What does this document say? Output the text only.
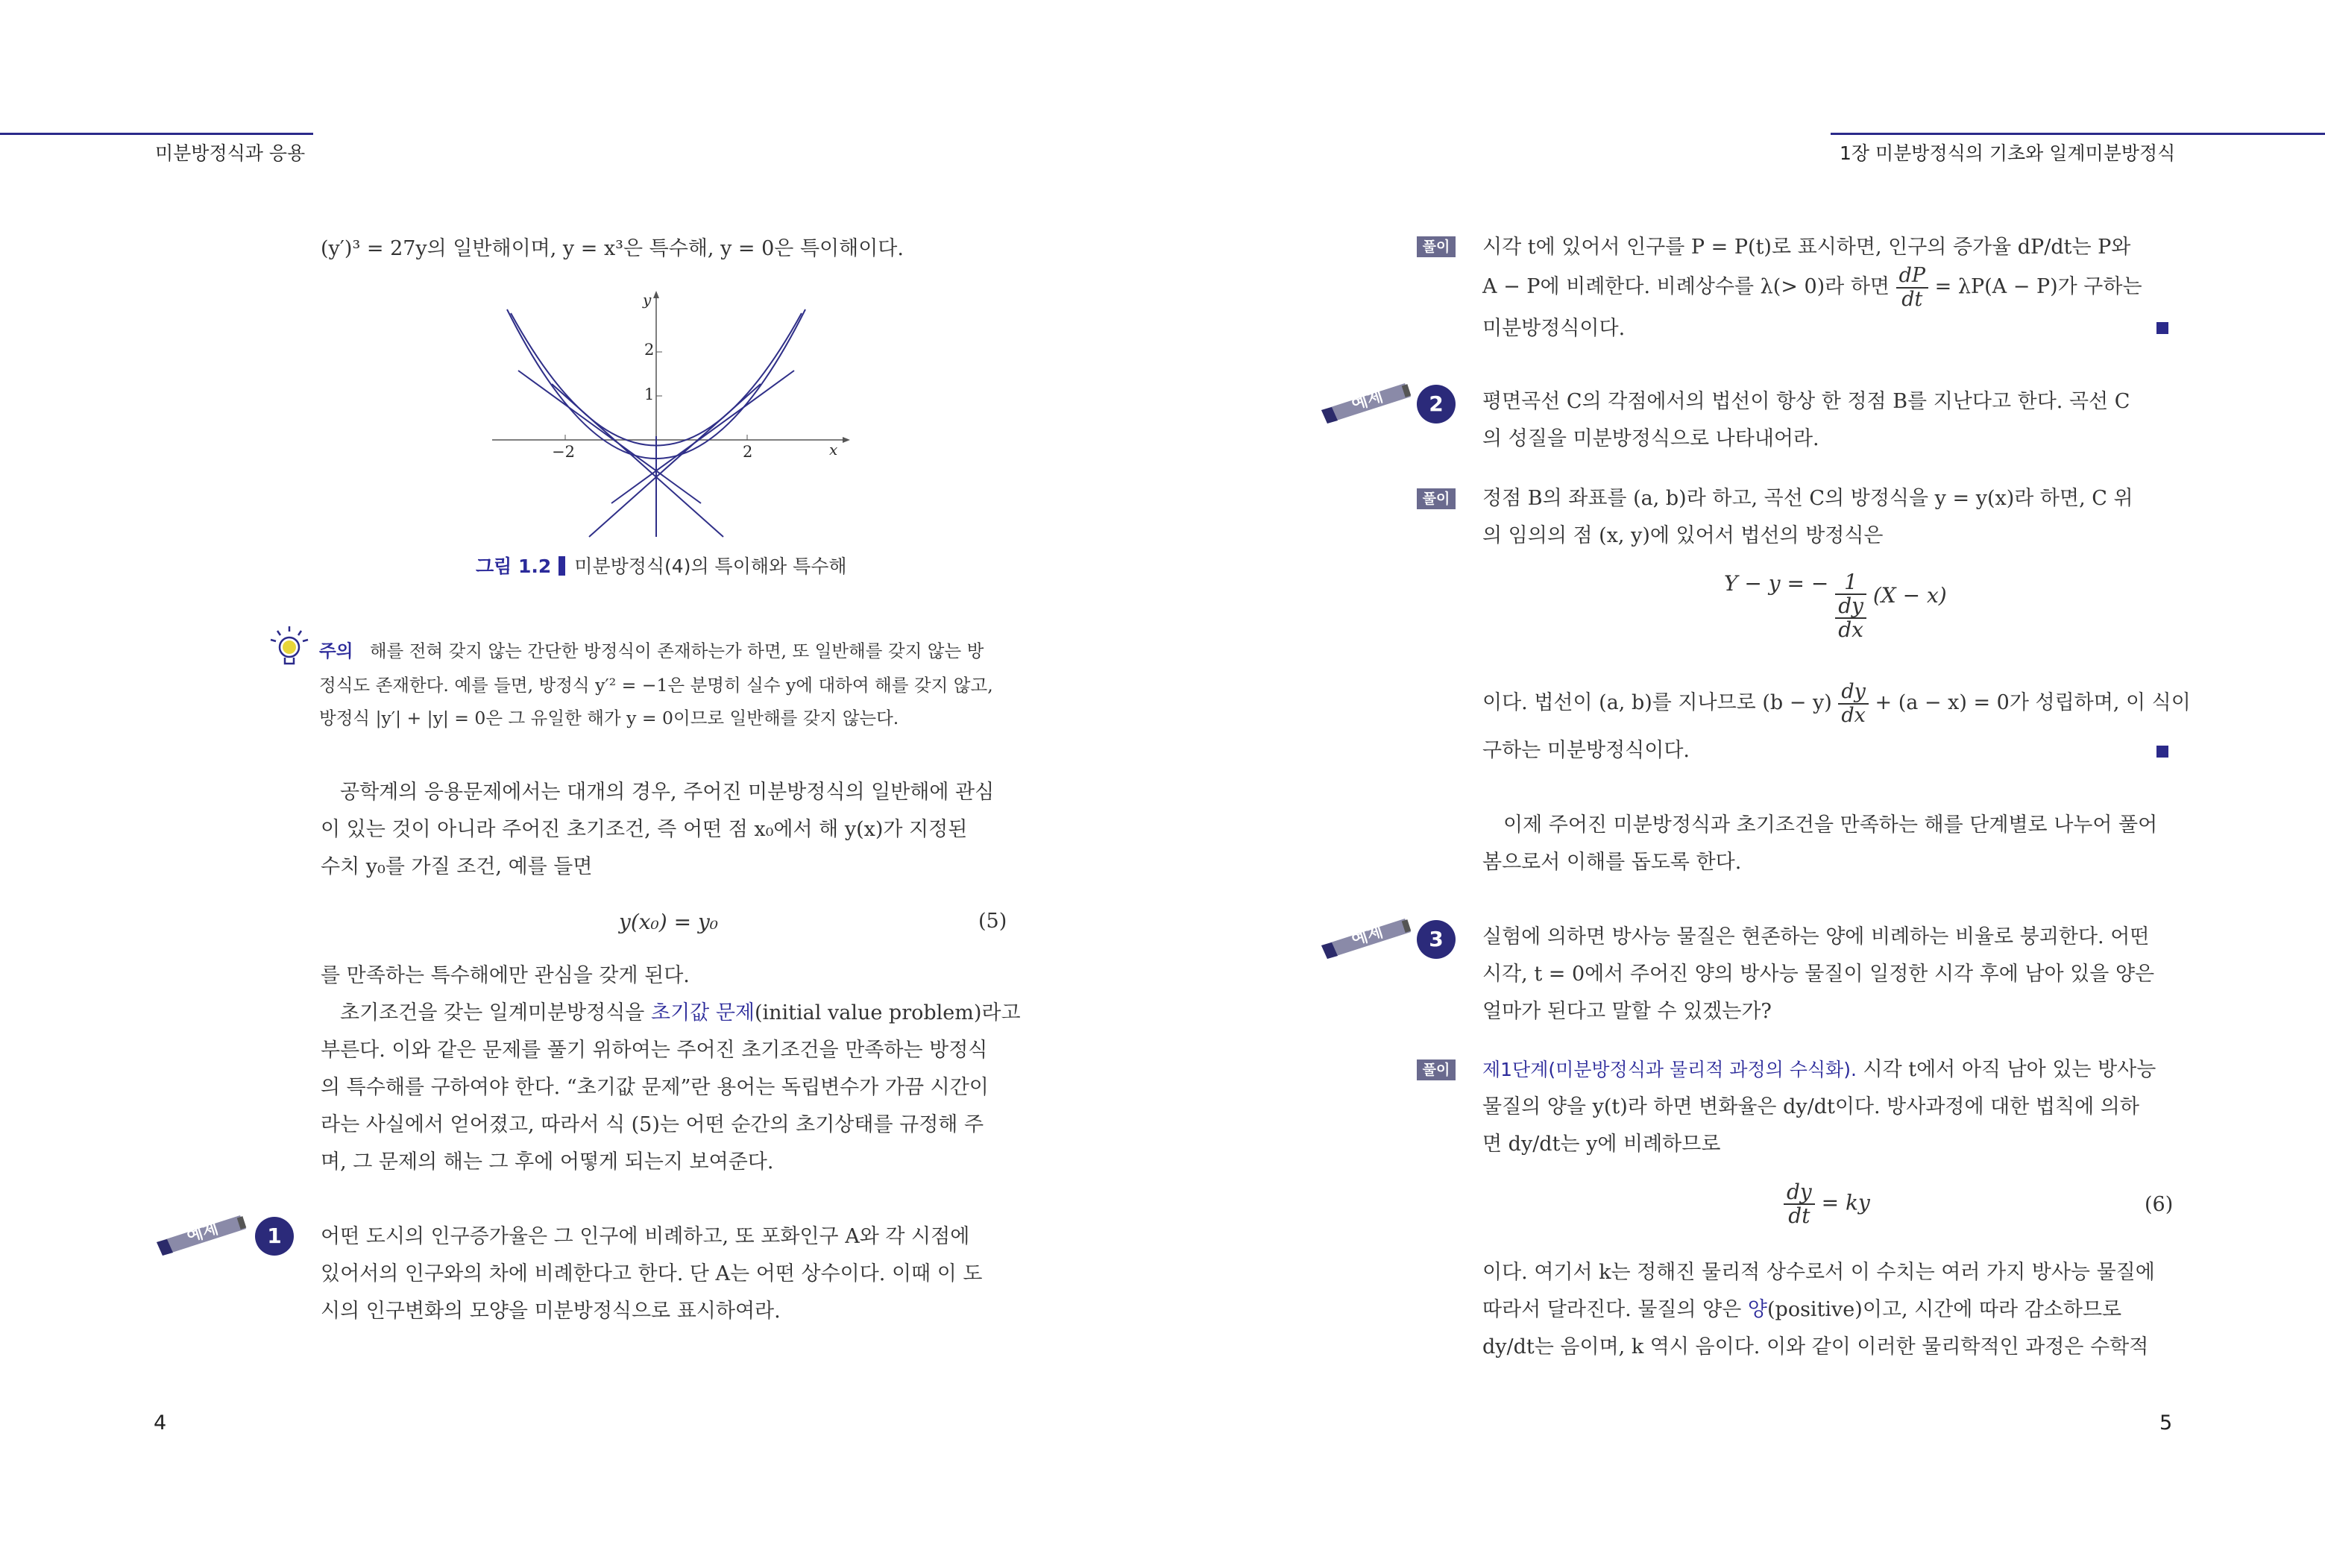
미분방정식과 응용	1장 미분방정식의 기초와 일계미분방정식
(y′)³ = 27y의 일반해이며, y = x³은 특수해, y = 0은 특이해이다.
y
x
−2	2
1
2
그림 1.2 미분방정식(4)의 특이해와 특수해
주의 해를 전혀 갖지 않는 간단한 방정식이 존재하는가 하면, 또 일반해를 갖지 않는 방
정식도 존재한다. 예를 들면, 방정식 y′² = −1은 분명히 실수 y에 대하여 해를 갖지 않고,
방정식 |y′| + |y| = 0은 그 유일한 해가 y = 0이므로 일반해를 갖지 않는다.
공학계의 응용문제에서는 대개의 경우, 주어진 미분방정식의 일반해에 관심
이 있는 것이 아니라 주어진 초기조건, 즉 어떤 점 x₀에서 해 y(x)가 지정된
수치 y₀를 가질 조건, 예를 들면
y(x₀) = y₀	(5)
를 만족하는 특수해에만 관심을 갖게 된다.
초기조건을 갖는 일계미분방정식을 초기값 문제(initial value problem)라고
부른다. 이와 같은 문제를 풀기 위하여는 주어진 초기조건을 만족하는 방정식
의 특수해를 구하여야 한다. “초기값 문제”란 용어는 독립변수가 가끔 시간이
라는 사실에서 얻어졌고, 따라서 식 (5)는 어떤 순간의 초기상태를 규정해 주
며, 그 문제의 해는 그 후에 어떻게 되는지 보여준다.
예제	1	어떤 도시의 인구증가율은 그 인구에 비례하고, 또 포화인구 A와 각 시점에
있어서의 인구와의 차에 비례한다고 한다. 단 A는 어떤 상수이다. 이때 이 도
시의 인구변화의 모양을 미분방정식으로 표시하여라.
4
풀이 시각 t에 있어서 인구를 P = P(t)로 표시하면, 인구의 증가율 dP/dt는 P와
A − P에 비례한다. 비례상수를 λ(> 0)라 하면 $\frac{dP}{dt} = \lambda P(A - P)$가 구하는
미분방정식이다.
예제	2	평면곡선 C의 각점에서의 법선이 항상 한 정점 B를 지난다고 한다. 곡선 C
의 성질을 미분방정식으로 나타내어라.
풀이 정점 B의 좌표를 (a, b)라 하고, 곡선 C의 방정식을 y = y(x)라 하면, C 위
의 임의의 점 (x, y)에 있어서 법선의 방정식은
Y − y = − $\frac{1}{\frac{dy}{dx}} (X - x)$
이다. 법선이 (a, b)를 지나므로 $(b - y) \frac{dy}{dx} + (a - x) = 0$가 성립하며, 이 식이
구하는 미분방정식이다.
이제 주어진 미분방정식과 초기조건을 만족하는 해를 단계별로 나누어 풀어
봄으로서 이해를 돕도록 한다.
예제	3	실험에 의하면 방사능 물질은 현존하는 양에 비례하는 비율로 붕괴한다. 어떤
시각, t = 0에서 주어진 양의 방사능 물질이 일정한 시각 후에 남아 있을 양은
얼마가 된다고 말할 수 있겠는가?
풀이	제1단계(미분방정식과 물리적 과정의 수식화). 시각 t에서 아직 남아 있는 방사능
물질의 양을 y(t)라 하면 변화율은 dy/dt이다. 방사과정에 대한 법칙에 의하
면 dy/dt는 y에 비례하므로
$\frac{dy}{dt}$ = ky	(6)
이다. 여기서 k는 정해진 물리적 상수로서 이 수치는 여러 가지 방사능 물질에
따라서 달라진다. 물질의 양은 양(positive)이고, 시간에 따라 감소하므로
dy/dt는 음이며, k 역시 음이다. 이와 같이 이러한 물리학적인 과정은 수학적
5
